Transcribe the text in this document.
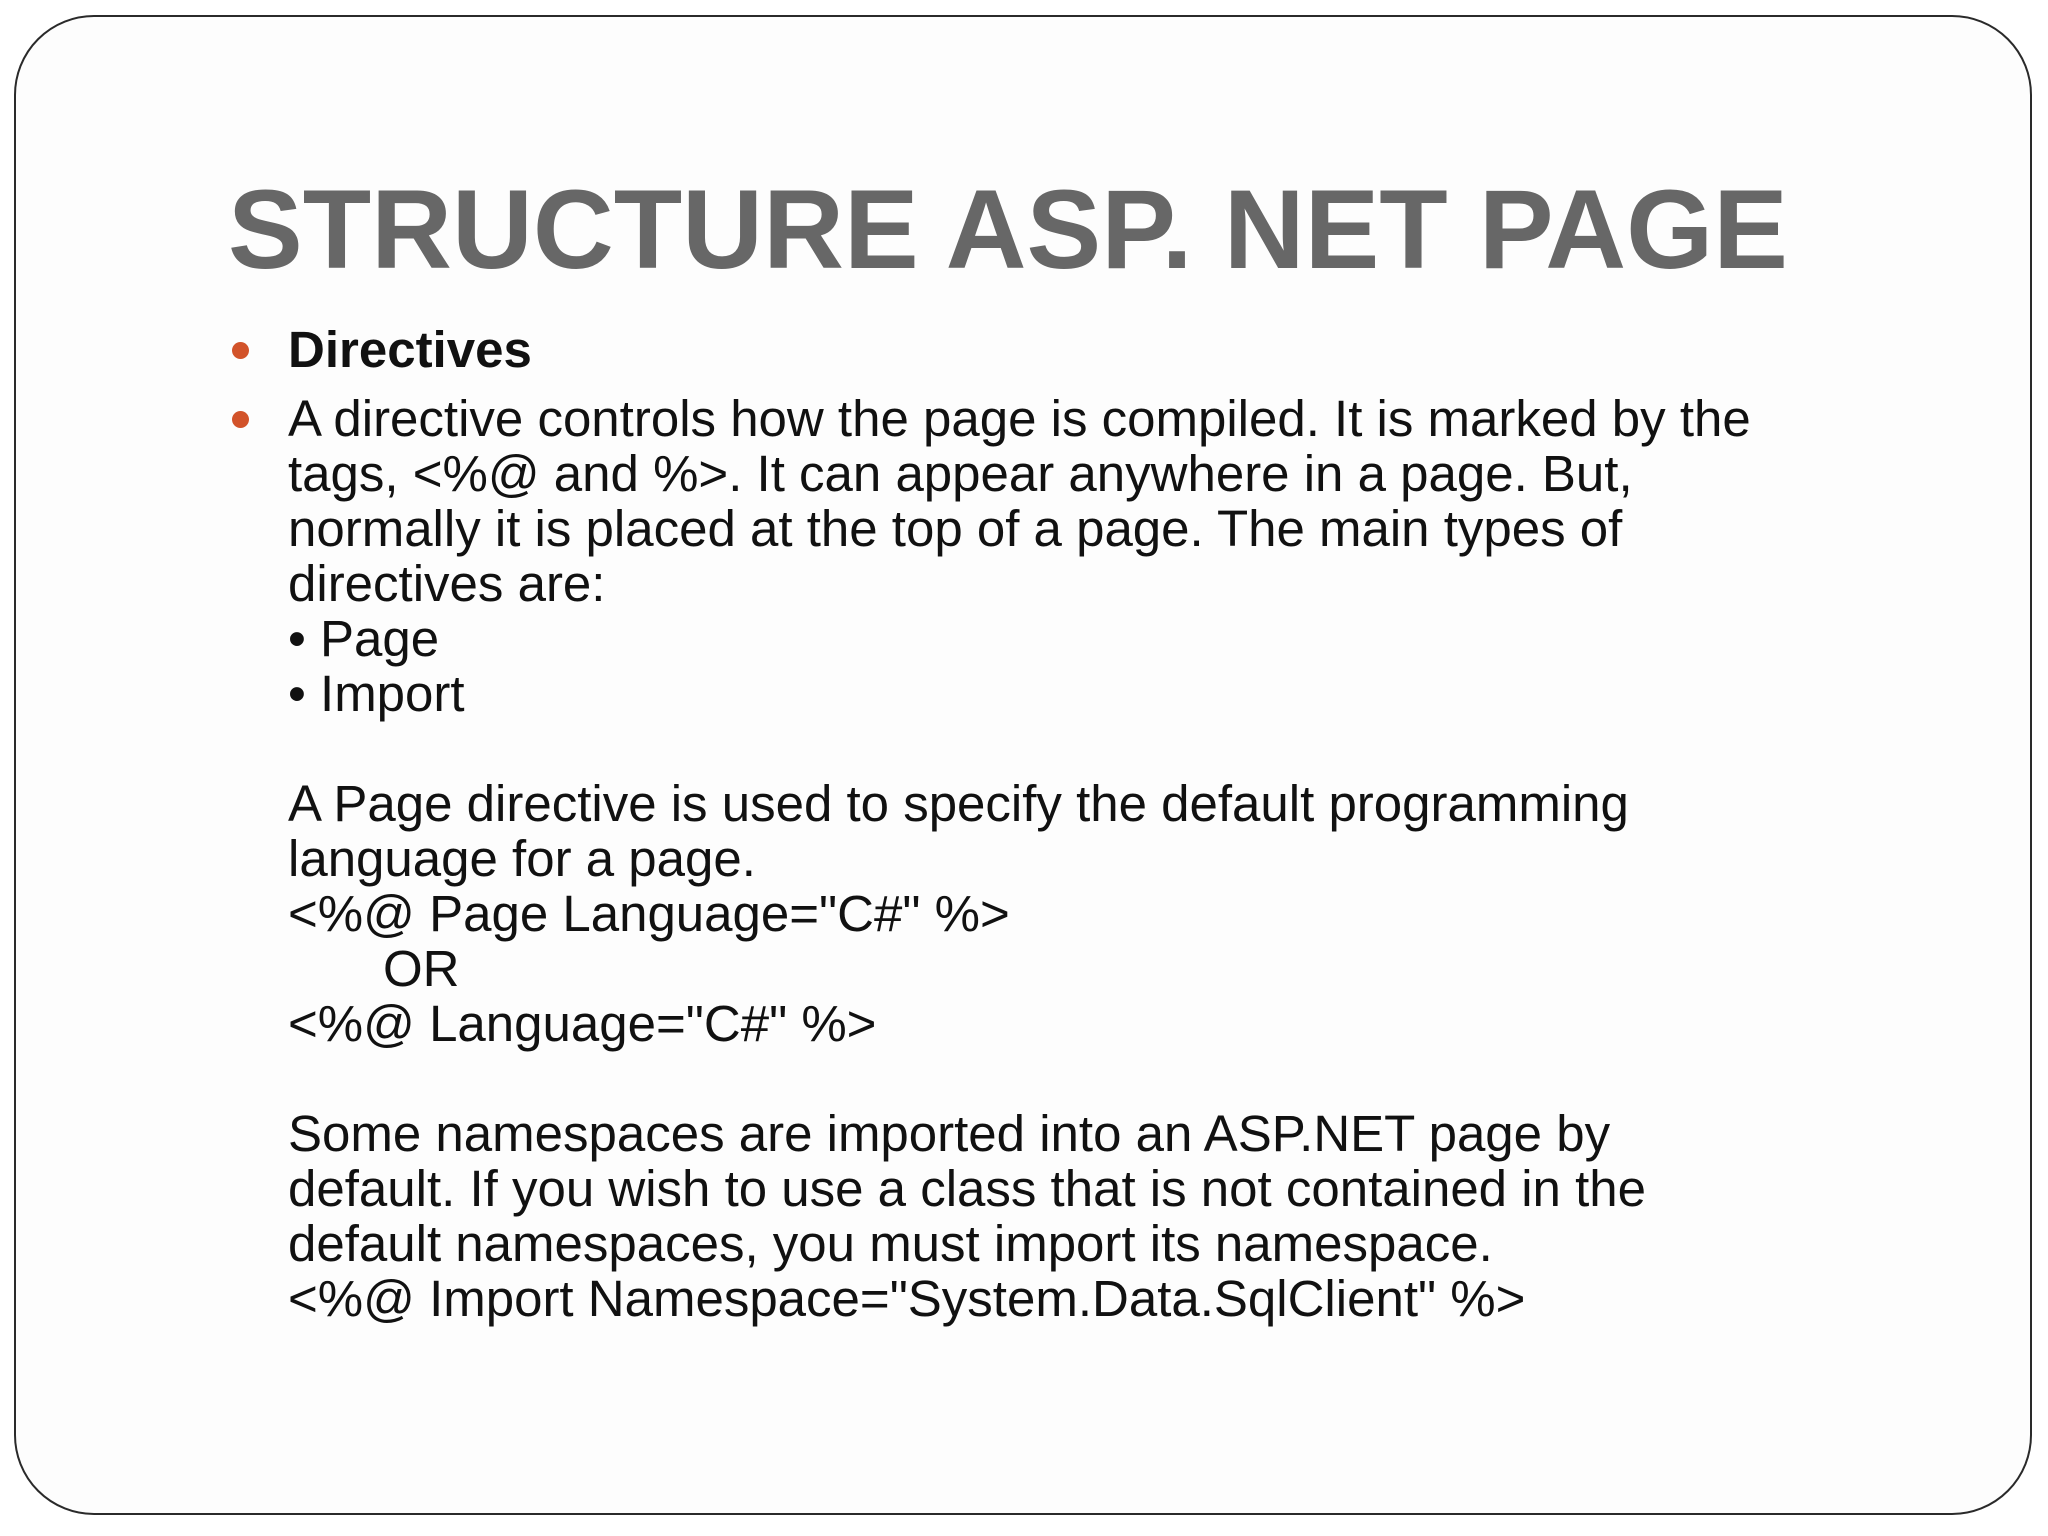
STRUCTURE ASP. NET PAGE
Directives
A directive controls how the page is compiled. It is marked by the
tags, <%@ and %>. It can appear anywhere in a page. But,
normally it is placed at the top of a page. The main types of
directives are:
• Page
• Import
A Page directive is used to specify the default programming
language for a page.
<%@ Page Language="C#" %>
OR
<%@ Language="C#" %>
Some namespaces are imported into an ASP.NET page by
default. If you wish to use a class that is not contained in the
default namespaces, you must import its namespace.
<%@ Import Namespace="System.Data.SqlClient" %>
